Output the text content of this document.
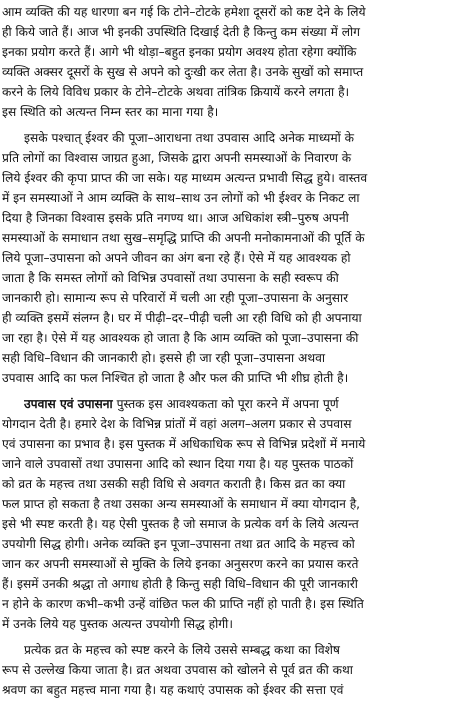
आम व्यक्ति की यह धारणा बन गई कि टोने–टोटके हमेशा दूसरों को कष्ट देने के लिये
ही किये जाते हैं। आज भी इनकी उपस्थिति दिखाई देती है किन्तु कम संख्या में लोग
इनका प्रयोग करते हैं। आगे भी थोड़ा–बहुत इनका प्रयोग अवश्य होता रहेगा क्योंकि
व्यक्ति अक्सर दूसरों के सुख से अपने को दुःखी कर लेता है। उनके सुखों को समाप्त
करने के लिये विविध प्रकार के टोने–टोटके अथवा तांत्रिक क्रियायें करने लगता है।
इस स्थिति को अत्यन्त निम्न स्तर का माना गया है।
इसके पश्चात् ईश्वर की पूजा–आराधना तथा उपवास आदि अनेक माध्यमों के
प्रति लोगों का विश्वास जाग्रत हुआ, जिसके द्वारा अपनी समस्याओं के निवारण के
लिये ईश्वर की कृपा प्राप्त की जा सके। यह माध्यम अत्यन्त प्रभावी सिद्ध हुये। वास्तव
में इन समस्याओं ने आम व्यक्ति के साथ–साथ उन लोगों को भी ईश्वर के निकट ला
दिया है जिनका विश्वास इसके प्रति नगण्य था। आज अधिकांश स्त्री–पुरुष अपनी
समस्याओं के समाधान तथा सुख–समृद्धि प्राप्ति की अपनी मनोकामनाओं की पूर्ति के
लिये पूजा–उपासना को अपने जीवन का अंग बना रहे हैं। ऐसे में यह आवश्यक हो
जाता है कि समस्त लोगों को विभिन्न उपवासों तथा उपासना के सही स्वरूप की
जानकारी हो। सामान्य रूप से परिवारों में चली आ रही पूजा–उपासना के अनुसार
ही व्यक्ति इसमें संलग्न है। घर में पीढ़ी–दर–पीढ़ी चली आ रही विधि को ही अपनाया
जा रहा है। ऐसे में यह आवश्यक हो जाता है कि आम व्यक्ति को पूजा–उपासना की
सही विधि–विधान की जानकारी हो। इससे ही जा रही पूजा–उपासना अथवा
उपवास आदि का फल निश्चित हो जाता है और फल की प्राप्ति भी शीघ्र होती है।
उपवास एवं उपासना पुस्तक इस आवश्यकता को पूरा करने में अपना पूर्ण
योगदान देती है। हमारे देश के विभिन्न प्रांतों में वहां अलग–अलग प्रकार से उपवास
एवं उपासना का प्रभाव है। इस पुस्तक में अधिकाधिक रूप से विभिन्न प्रदेशों में मनाये
जाने वाले उपवासों तथा उपासना आदि को स्थान दिया गया है। यह पुस्तक पाठकों
को व्रत के महत्त्व तथा उसकी सही विधि से अवगत कराती है। किस व्रत का क्या
फल प्राप्त हो सकता है तथा उसका अन्य समस्याओं के समाधान में क्या योगदान है,
इसे भी स्पष्ट करती है। यह ऐसी पुस्तक है जो समाज के प्रत्येक वर्ग के लिये अत्यन्त
उपयोगी सिद्ध होगी। अनेक व्यक्ति इन पूजा–उपासना तथा व्रत आदि के महत्त्व को
जान कर अपनी समस्याओं से मुक्ति के लिये इनका अनुसरण करने का प्रयास करते
हैं। इसमें उनकी श्रद्धा तो अगाध होती है किन्तु सही विधि–विधान की पूरी जानकारी
न होने के कारण कभी–कभी उन्हें वांछित फल की प्राप्ति नहीं हो पाती है। इस स्थिति
में उनके लिये यह पुस्तक अत्यन्त उपयोगी सिद्ध होगी।
प्रत्येक व्रत के महत्त्व को स्पष्ट करने के लिये उससे सम्बद्ध कथा का विशेष
रूप से उल्लेख किया जाता है। व्रत अथवा उपवास को खोलने से पूर्व व्रत की कथा
श्रवण का बहुत महत्त्व माना गया है। यह कथाएं उपासक को ईश्वर की सत्ता एवं
